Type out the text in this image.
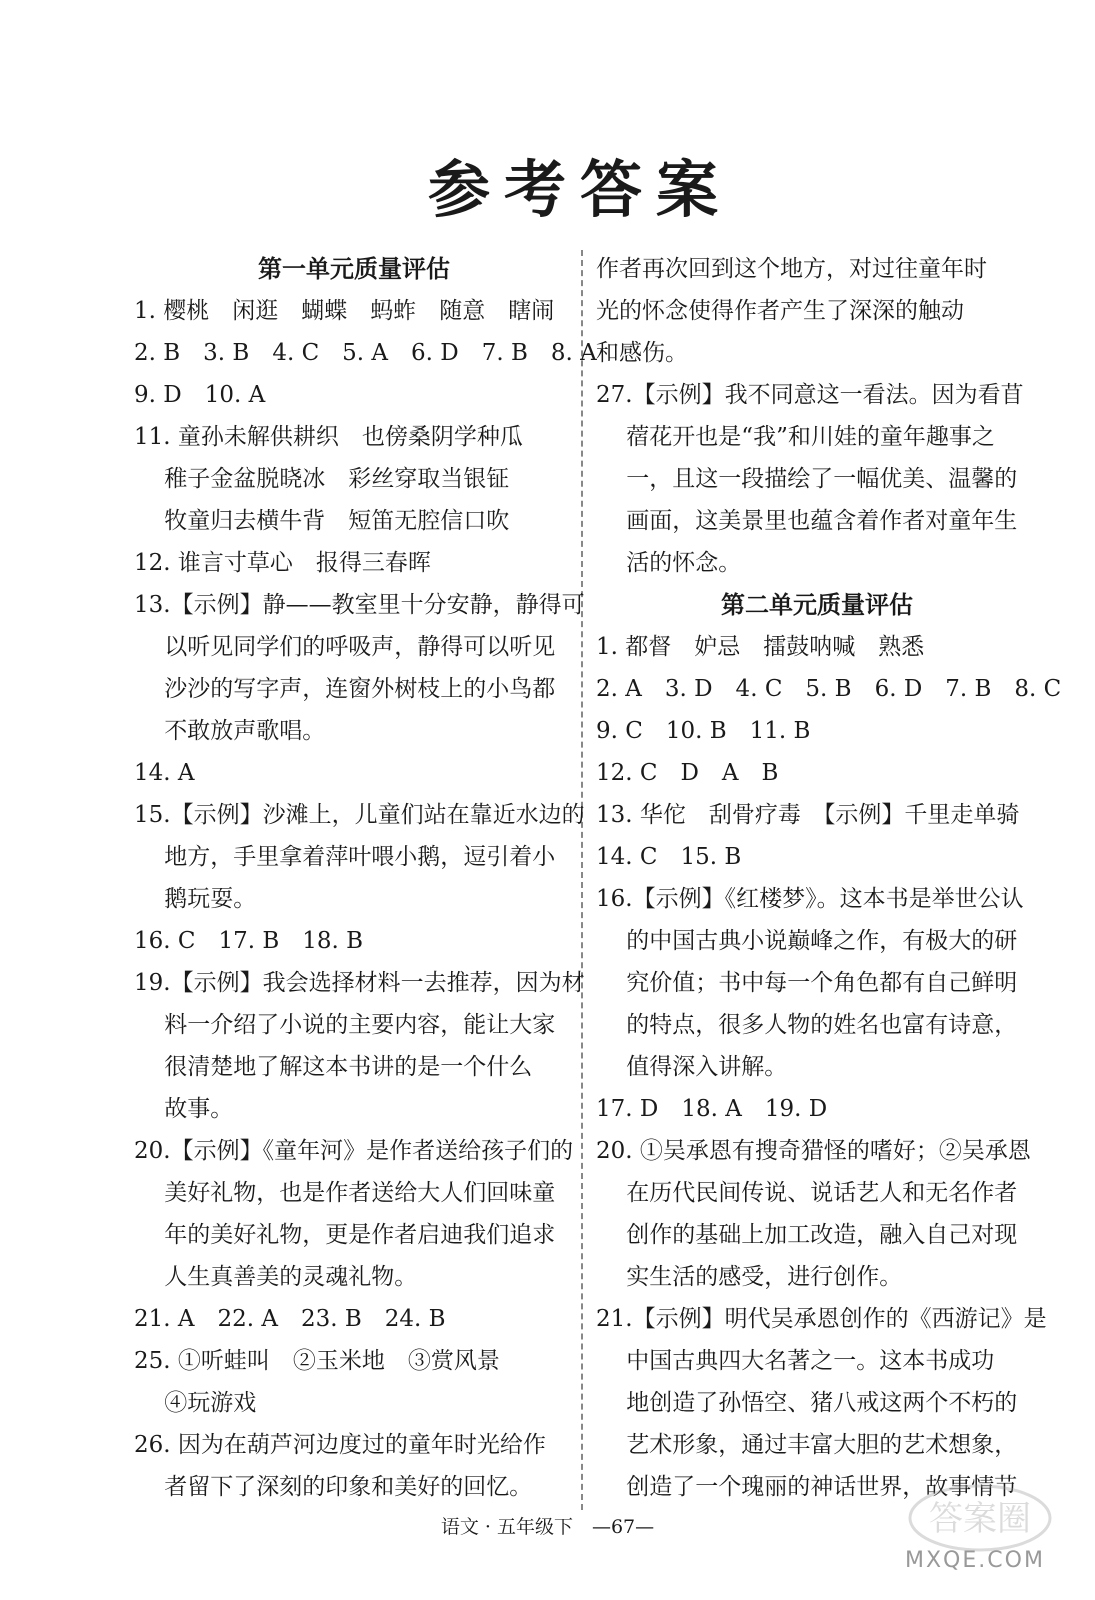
参考答案
第一单元质量评估
1. 樱桃　闲逛　蝴蝶　蚂蚱　随意　瞎闹
2. B　3. B　4. C　5. A　6. D　7. B　8. A
9. D　10. A
11. 童孙未解供耕织　也傍桑阴学种瓜
　 稚子金盆脱晓冰　彩丝穿取当银钲
　 牧童归去横牛背　短笛无腔信口吹
12. 谁言寸草心　报得三春晖
13.【示例】静——教室里十分安静，静得可
　 以听见同学们的呼吸声，静得可以听见
　 沙沙的写字声，连窗外树枝上的小鸟都
　 不敢放声歌唱。
14. A
15.【示例】沙滩上，儿童们站在靠近水边的
　 地方，手里拿着萍叶喂小鹅，逗引着小
　 鹅玩耍。
16. C　17. B　18. B
19.【示例】我会选择材料一去推荐，因为材
　 料一介绍了小说的主要内容，能让大家
　 很清楚地了解这本书讲的是一个什么
　 故事。
20.【示例】《童年河》是作者送给孩子们的
　 美好礼物，也是作者送给大人们回味童
　 年的美好礼物，更是作者启迪我们追求
　 人生真善美的灵魂礼物。
21. A　22. A　23. B　24. B
25. ①听蛙叫　②玉米地　③赏风景
　 ④玩游戏
26. 因为在葫芦河边度过的童年时光给作
　 者留下了深刻的印象和美好的回忆。
作者再次回到这个地方，对过往童年时
光的怀念使得作者产生了深深的触动
和感伤。
27.【示例】我不同意这一看法。因为看苜
　 蓿花开也是“我”和川娃的童年趣事之
　 一，且这一段描绘了一幅优美、温馨的
　 画面，这美景里也蕴含着作者对童年生
　 活的怀念。
第二单元质量评估
1. 都督　妒忌　擂鼓呐喊　熟悉
2. A　3. D　4. C　5. B　6. D　7. B　8. C
9. C　10. B　11. B
12. C　D　A　B
13. 华佗　刮骨疗毒　【示例】千里走单骑
14. C　15. B
16.【示例】《红楼梦》。这本书是举世公认
　 的中国古典小说巅峰之作，有极大的研
　 究价值；书中每一个角色都有自己鲜明
　 的特点，很多人物的姓名也富有诗意，
　 值得深入讲解。
17. D　18. A　19. D
20. ①吴承恩有搜奇猎怪的嗜好；②吴承恩
　 在历代民间传说、说话艺人和无名作者
　 创作的基础上加工改造，融入自己对现
　 实生活的感受，进行创作。
21.【示例】明代吴承恩创作的《西游记》是
　 中国古典四大名著之一。这本书成功
　 地创造了孙悟空、猪八戒这两个不朽的
　 艺术形象，通过丰富大胆的艺术想象，
　 创造了一个瑰丽的神话世界，故事情节
语文 · 五年级下　—67—	答案圈
MXQE.COM
